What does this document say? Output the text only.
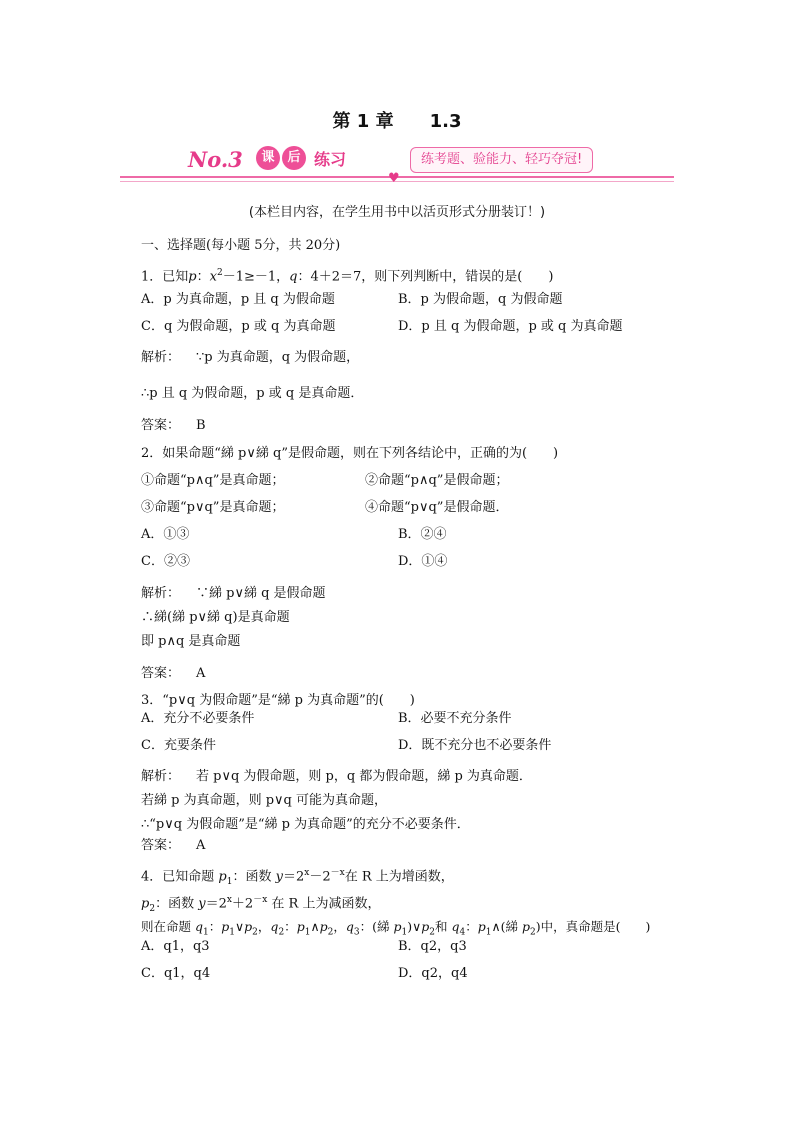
第 1 章 1.3
No.3	课 后 练习	练考题、验能力、轻巧夺冠!
♥
(本栏目内容，在学生用书中以活页形式分册装订！)
一、选择题(每小题 5分，共 20分)
1．已知p：$x^2-1\ge-1$，q：4＋2＝7，则下列判断中，错误的是(　　)
A．p 为真命题，p 且 q 为假命题	B．p 为假命题，q 为假命题
C．q 为假命题，p 或 q 为真命题	D．p 且 q 为假命题，p 或 q 为真命题
解析： ∵p 为真命题，q 为假命题，
∴p 且 q 为假命题，p 或 q 是真命题．
答案： B
2．如果命题“綈 p∨綈 q”是假命题，则在下列各结论中，正确的为(　　)
①命题“p∧q”是真命题；	②命题“p∧q”是假命题；
③命题“p∨q”是真命题；	④命题“p∨q”是假命题．
A．①③	B．②④
C．②③	D．①④
解析： ∵綈 p∨綈 q 是假命题
∴綈(綈 p∨綈 q)是真命题
即 p∧q 是真命题
答案： A
3．“p∨q 为假命题”是“綈 p 为真命题”的(　　)
A．充分不必要条件	B．必要不充分条件
C．充要条件	D．既不充分也不必要条件
解析： 若 p∨q 为假命题，则 p，q 都为假命题，綈 p 为真命题．
若綈 p 为真命题，则 p∨q 可能为真命题，
∴“p∨q 为假命题”是“綈 p 为真命题”的充分不必要条件．
答案： A
4．已知命题 $p_1$：函数 $y=2^x-2^{-x}$在 R 上为增函数，
$p_2$：函数 $y=2^x+2^{-x}$ 在 R 上为减函数，
则在命题 $q_1$：$p_1\vee p_2$，$q_2$：$p_1\wedge p_2$，$q_3$：(綈 $p_1)\vee p_2$和 $q_4$：$p_1\wedge$(綈 $p_2$)中，真命题是(　　)
A．q1，q3	B．q2，q3
C．q1，q4	D．q2，q4
